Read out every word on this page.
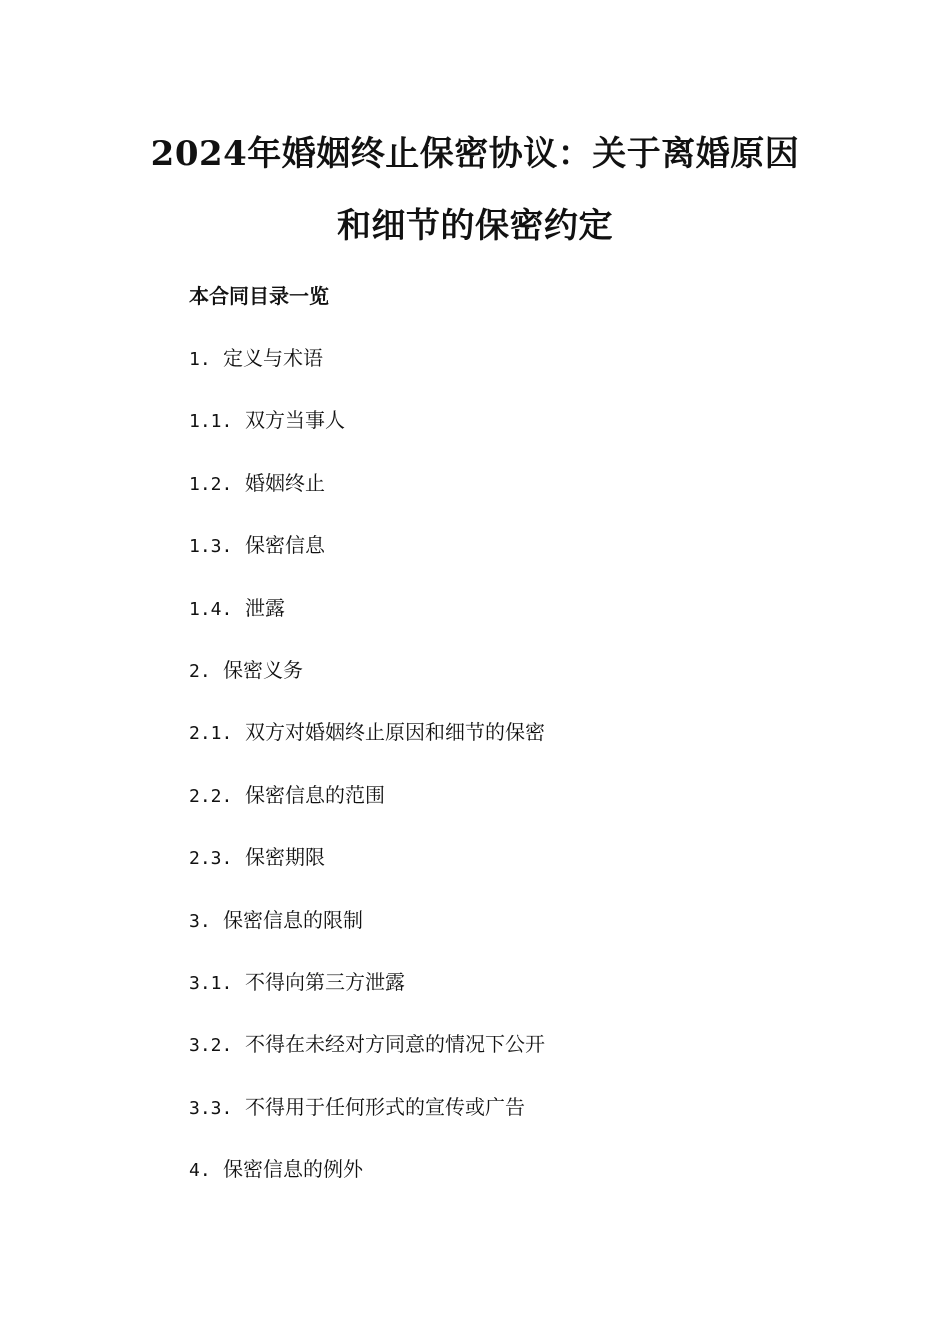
2024年婚姻终止保密协议：关于离婚原因
和细节的保密约定
本合同目录一览
1. 定义与术语
1.1. 双方当事人
1.2. 婚姻终止
1.3. 保密信息
1.4. 泄露
2. 保密义务
2.1. 双方对婚姻终止原因和细节的保密
2.2. 保密信息的范围
2.3. 保密期限
3. 保密信息的限制
3.1. 不得向第三方泄露
3.2. 不得在未经对方同意的情况下公开
3.3. 不得用于任何形式的宣传或广告
4. 保密信息的例外
